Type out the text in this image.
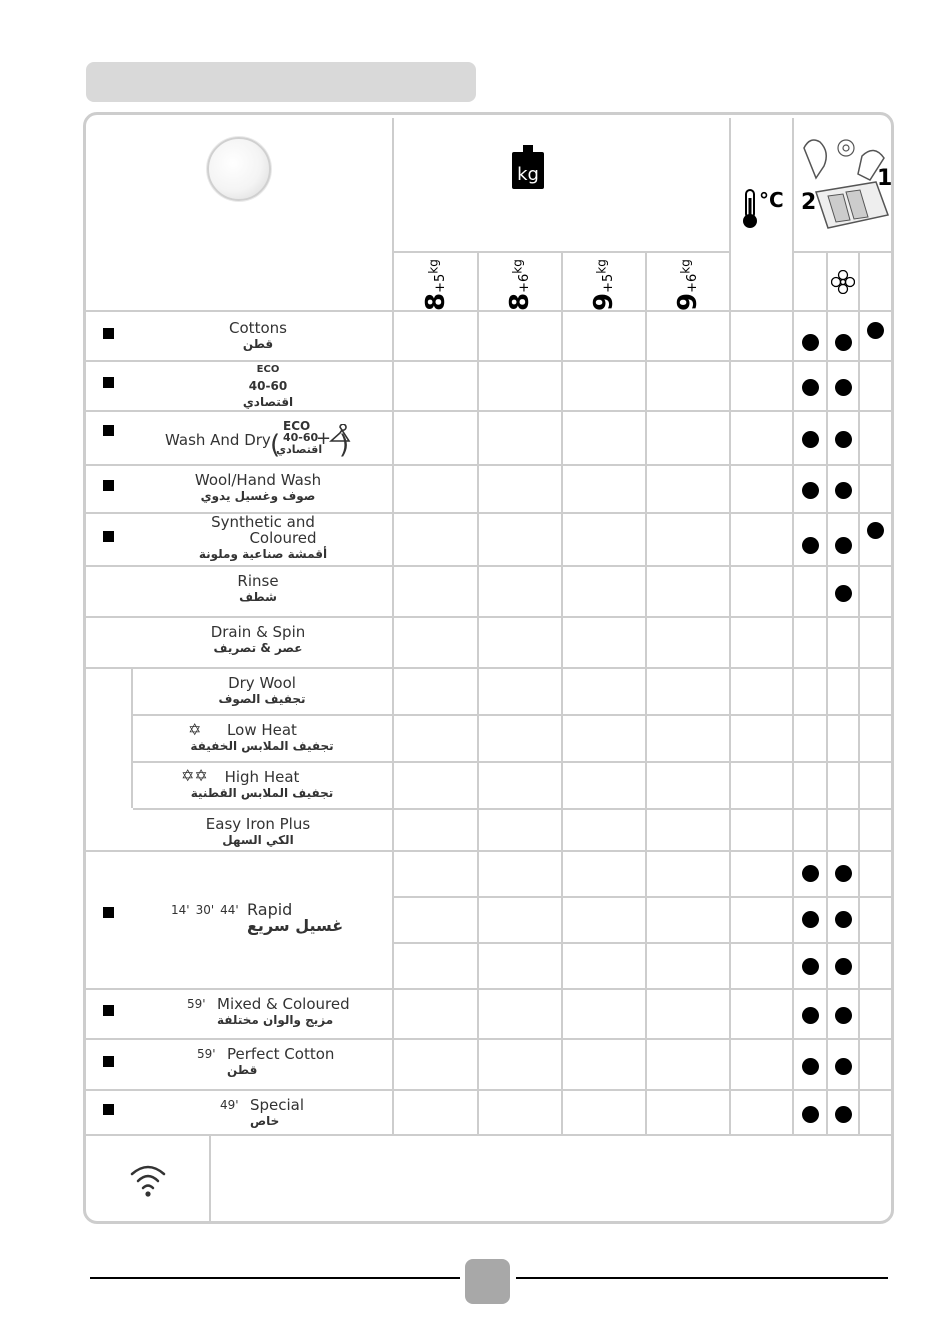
kg
°C
1
2
$8+5^{kg}$
$8+6^{kg}$
$9+5^{kg}$
$9+6^{kg}$
Cottons
قطن
ECO
40-60
اقتصادي
Wash And Dry	40-60
اقتصادي
Wool/Hand Wash
صوف وغسيل يدوي
Synthetic and
Coloured
أقمشة صناعية وملونة
Rinse
شطف
Drain & Spin
عصر & تصريف
Dry Wool
تجفيف الصوف
Low Heat
تجفيف الملابس الخفيفة
High Heat
تجفيف الملابس القطنية
Easy Iron Plus
الكي السهل
14' 30' 44' Rapid
غسيل سريع
59' Mixed & Coloured
مزيج والوان مختلفة
59' Perfect Cotton
قطن
49' Special
خاص
✡
✡✡
ECO
( )
+
